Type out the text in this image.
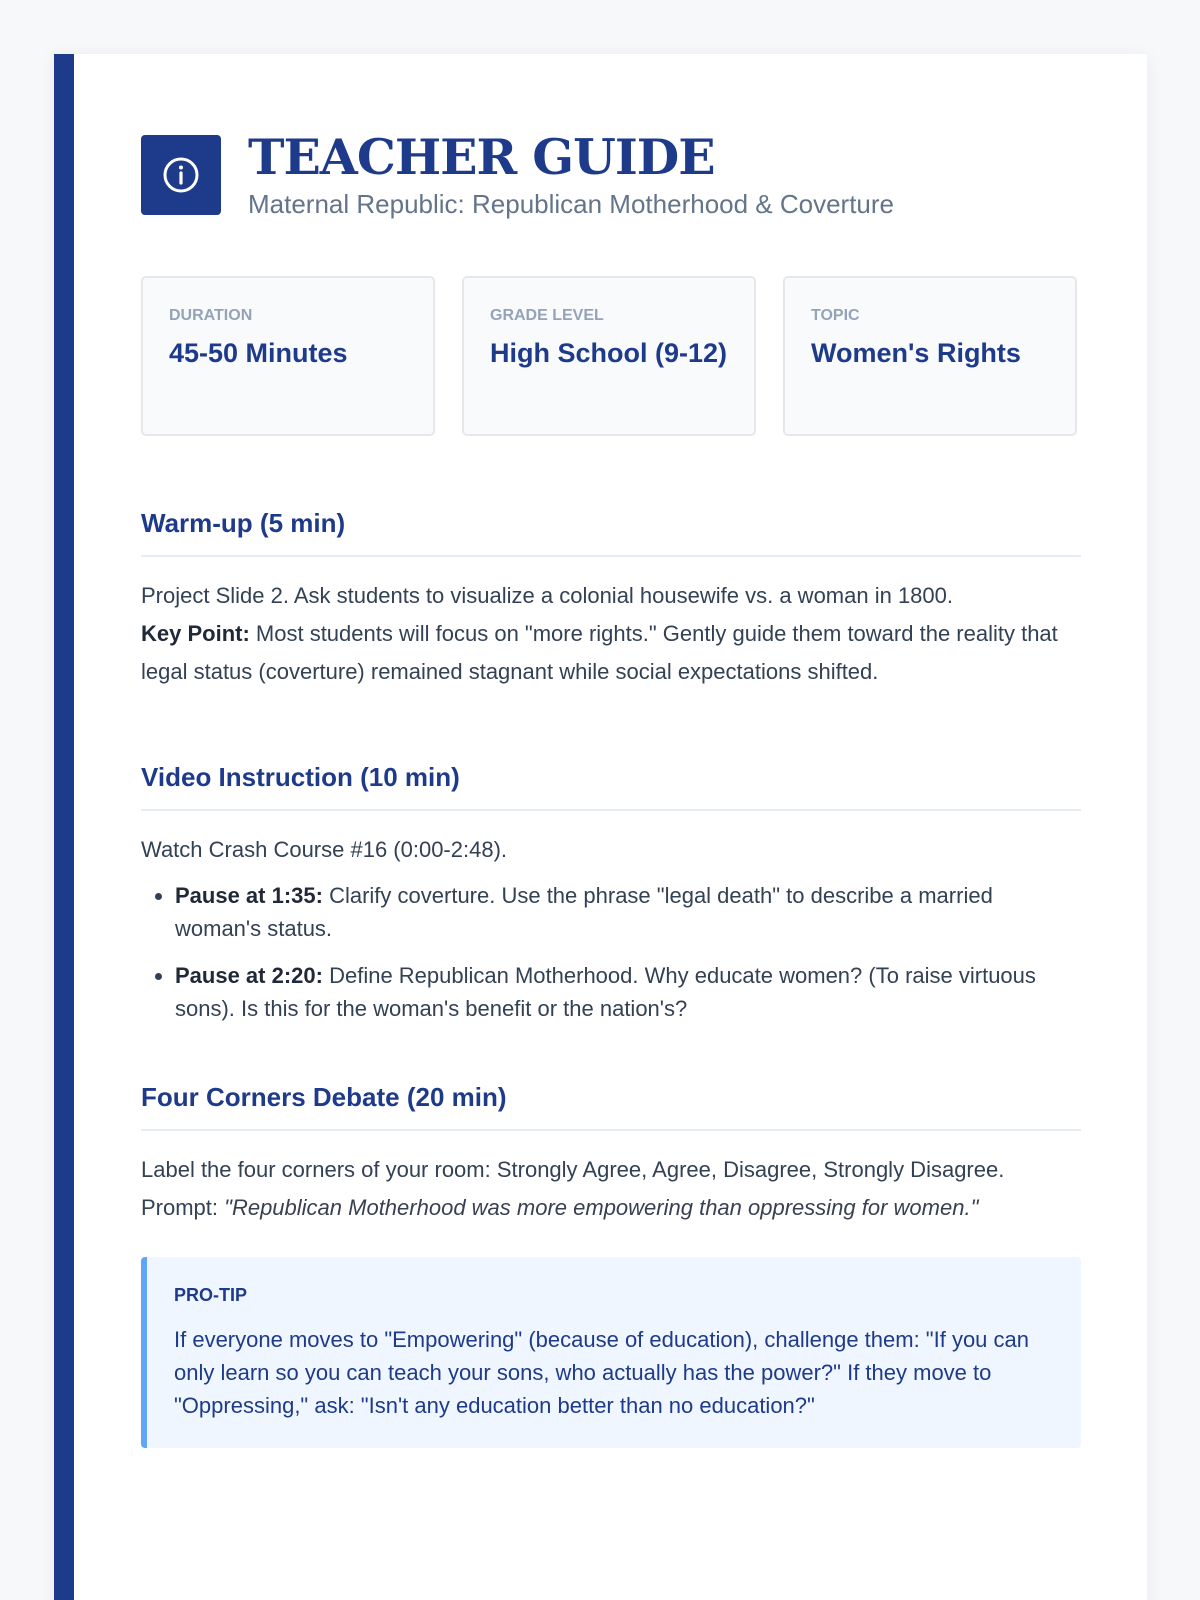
TEACHER GUIDE
Maternal Republic: Republican Motherhood & Coverture
DURATION
45-50 Minutes
GRADE LEVEL
High School (9-12)
TOPIC
Women's Rights
Warm-up (5 min)
Project Slide 2. Ask students to visualize a colonial housewife vs. a woman in 1800.
Key Point: Most students will focus on "more rights." Gently guide them toward the reality that legal status (coverture) remained stagnant while social expectations shifted.
Video Instruction (10 min)
Watch Crash Course #16 (0:00-2:48).
• Pause at 1:35: Clarify coverture. Use the phrase "legal death" to describe a married woman's status.
• Pause at 2:20: Define Republican Motherhood. Why educate women? (To raise virtuous sons). Is this for the woman's benefit or the nation's?
Four Corners Debate (20 min)
Label the four corners of your room: Strongly Agree, Agree, Disagree, Strongly Disagree. Prompt: "Republican Motherhood was more empowering than oppressing for women."
PRO-TIP
If everyone moves to "Empowering" (because of education), challenge them: "If you can only learn so you can teach your sons, who actually has the power?" If they move to "Oppressing," ask: "Isn't any education better than no education?"
